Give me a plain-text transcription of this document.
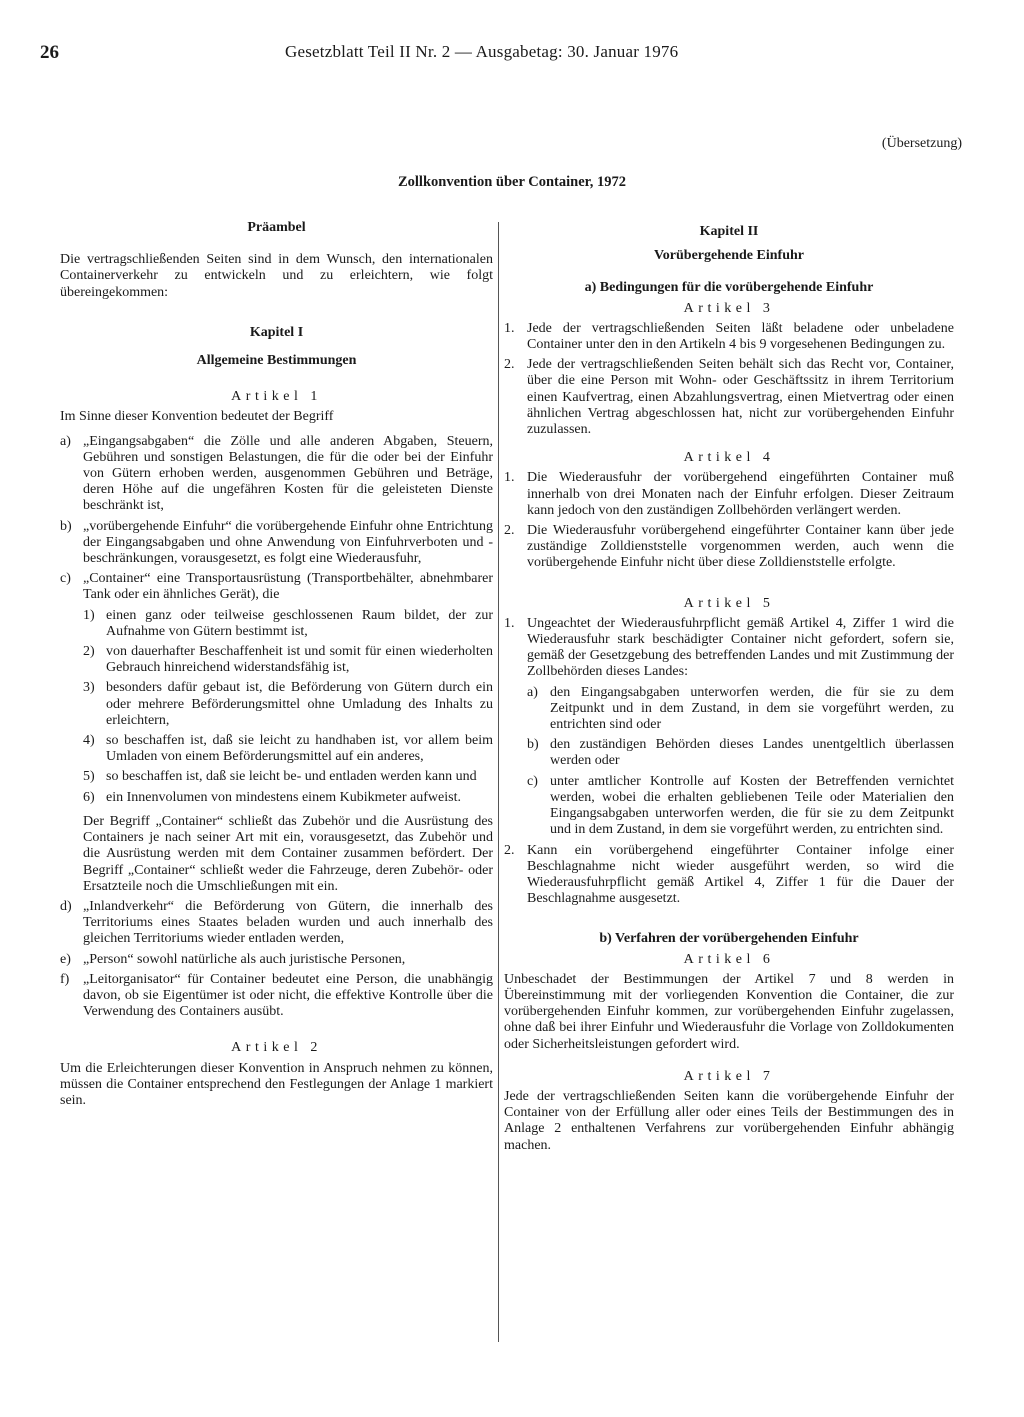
26	Gesetzblatt Teil II Nr. 2 — Ausgabetag: 30. Januar 1976
(Übersetzung)
Zollkonvention über Container, 1972

Präambel

Die vertragschließenden Seiten sind in dem Wunsch, den internationalen Containerverkehr zu entwickeln und zu erleichtern, wie folgt übereingekommen:

Kapitel I

Allgemeine Bestimmungen

Artikel 1

Im Sinne dieser Konvention bedeutet der Begriff

a) „Eingangsabgaben“ die Zölle und alle anderen Abgaben, Steuern, Gebühren und sonstigen Belastungen, die für die oder bei der Einfuhr von Gütern erhoben werden, ausgenommen Gebühren und Beträge, deren Höhe auf die ungefähren Kosten für die geleisteten Dienste beschränkt ist,
b) „vorübergehende Einfuhr“ die vorübergehende Einfuhr ohne Entrichtung der Eingangsabgaben und ohne Anwendung von Einfuhrverboten und -beschränkungen, vorausgesetzt, es folgt eine Wiederausfuhr,
c) „Container“ eine Transportausrüstung (Transportbehälter, abnehmbarer Tank oder ein ähnliches Gerät), die
1) einen ganz oder teilweise geschlossenen Raum bildet, der zur Aufnahme von Gütern bestimmt ist,
2) von dauerhafter Beschaffenheit ist und somit für einen wiederholten Gebrauch hinreichend widerstandsfähig ist,
3) besonders dafür gebaut ist, die Beförderung von Gütern durch ein oder mehrere Beförderungsmittel ohne Umladung des Inhalts zu erleichtern,
4) so beschaffen ist, daß sie leicht zu handhaben ist, vor allem beim Umladen von einem Beförderungsmittel auf ein anderes,
5) so beschaffen ist, daß sie leicht be- und entladen werden kann und
6) ein Innenvolumen von mindestens einem Kubikmeter aufweist.

Der Begriff „Container“ schließt das Zubehör und die Ausrüstung des Containers je nach seiner Art mit ein, vorausgesetzt, das Zubehör und die Ausrüstung werden mit dem Container zusammen befördert. Der Begriff „Container“ schließt weder die Fahrzeuge, deren Zubehör- oder Ersatzteile noch die Umschließungen mit ein.

d) „Inlandverkehr“ die Beförderung von Gütern, die innerhalb des Territoriums eines Staates beladen wurden und auch innerhalb des gleichen Territoriums wieder entladen werden,
e) „Person“ sowohl natürliche als auch juristische Personen,
f) „Leitorganisator“ für Container bedeutet eine Person, die unabhängig davon, ob sie Eigentümer ist oder nicht, die effektive Kontrolle über die Verwendung des Containers ausübt.

Artikel 2

Um die Erleichterungen dieser Konvention in Anspruch nehmen zu können, müssen die Container entsprechend den Festlegungen der Anlage 1 markiert sein.

Kapitel II

Vorübergehende Einfuhr

a) Bedingungen für die vorübergehende Einfuhr

Artikel 3

1. Jede der vertragschließenden Seiten läßt beladene oder unbeladene Container unter den in den Artikeln 4 bis 9 vorgesehenen Bedingungen zu.
2. Jede der vertragschließenden Seiten behält sich das Recht vor, Container, über die eine Person mit Wohn- oder Geschäftssitz in ihrem Territorium einen Kaufvertrag, einen Abzahlungsvertrag, einen Mietvertrag oder einen ähnlichen Vertrag abgeschlossen hat, nicht zur vorübergehenden Einfuhr zuzulassen.

Artikel 4

1. Die Wiederausfuhr der vorübergehend eingeführten Container muß innerhalb von drei Monaten nach der Einfuhr erfolgen. Dieser Zeitraum kann jedoch von den zuständigen Zollbehörden verlängert werden.
2. Die Wiederausfuhr vorübergehend eingeführter Container kann über jede zuständige Zolldienststelle vorgenommen werden, auch wenn die vorübergehende Einfuhr nicht über diese Zolldienststelle erfolgte.

Artikel 5

1. Ungeachtet der Wiederausfuhrpflicht gemäß Artikel 4, Ziffer 1 wird die Wiederausfuhr stark beschädigter Container nicht gefordert, sofern sie, gemäß der Gesetzgebung des betreffenden Landes und mit Zustimmung der Zollbehörden dieses Landes:
a) den Eingangsabgaben unterworfen werden, die für sie zu dem Zeitpunkt und in dem Zustand, in dem sie vorgeführt werden, zu entrichten sind oder
b) den zuständigen Behörden dieses Landes unentgeltlich überlassen werden oder
c) unter amtlicher Kontrolle auf Kosten der Betreffenden vernichtet werden, wobei die erhalten gebliebenen Teile oder Materialien den Eingangsabgaben unterworfen werden, die für sie zu dem Zeitpunkt und in dem Zustand, in dem sie vorgeführt werden, zu entrichten sind.
2. Kann ein vorübergehend eingeführter Container infolge einer Beschlagnahme nicht wieder ausgeführt werden, so wird die Wiederausfuhrpflicht gemäß Artikel 4, Ziffer 1 für die Dauer der Beschlagnahme ausgesetzt.

b) Verfahren der vorübergehenden Einfuhr

Artikel 6

Unbeschadet der Bestimmungen der Artikel 7 und 8 werden in Übereinstimmung mit der vorliegenden Konvention die Container, die zur vorübergehenden Einfuhr kommen, zur vorübergehenden Einfuhr zugelassen, ohne daß bei ihrer Einfuhr und Wiederausfuhr die Vorlage von Zolldokumenten oder Sicherheitsleistungen gefordert wird.

Artikel 7

Jede der vertragschließenden Seiten kann die vorübergehende Einfuhr der Container von der Erfüllung aller oder eines Teils der Bestimmungen des in Anlage 2 enthaltenen Verfahrens zur vorübergehenden Einfuhr abhängig machen.
